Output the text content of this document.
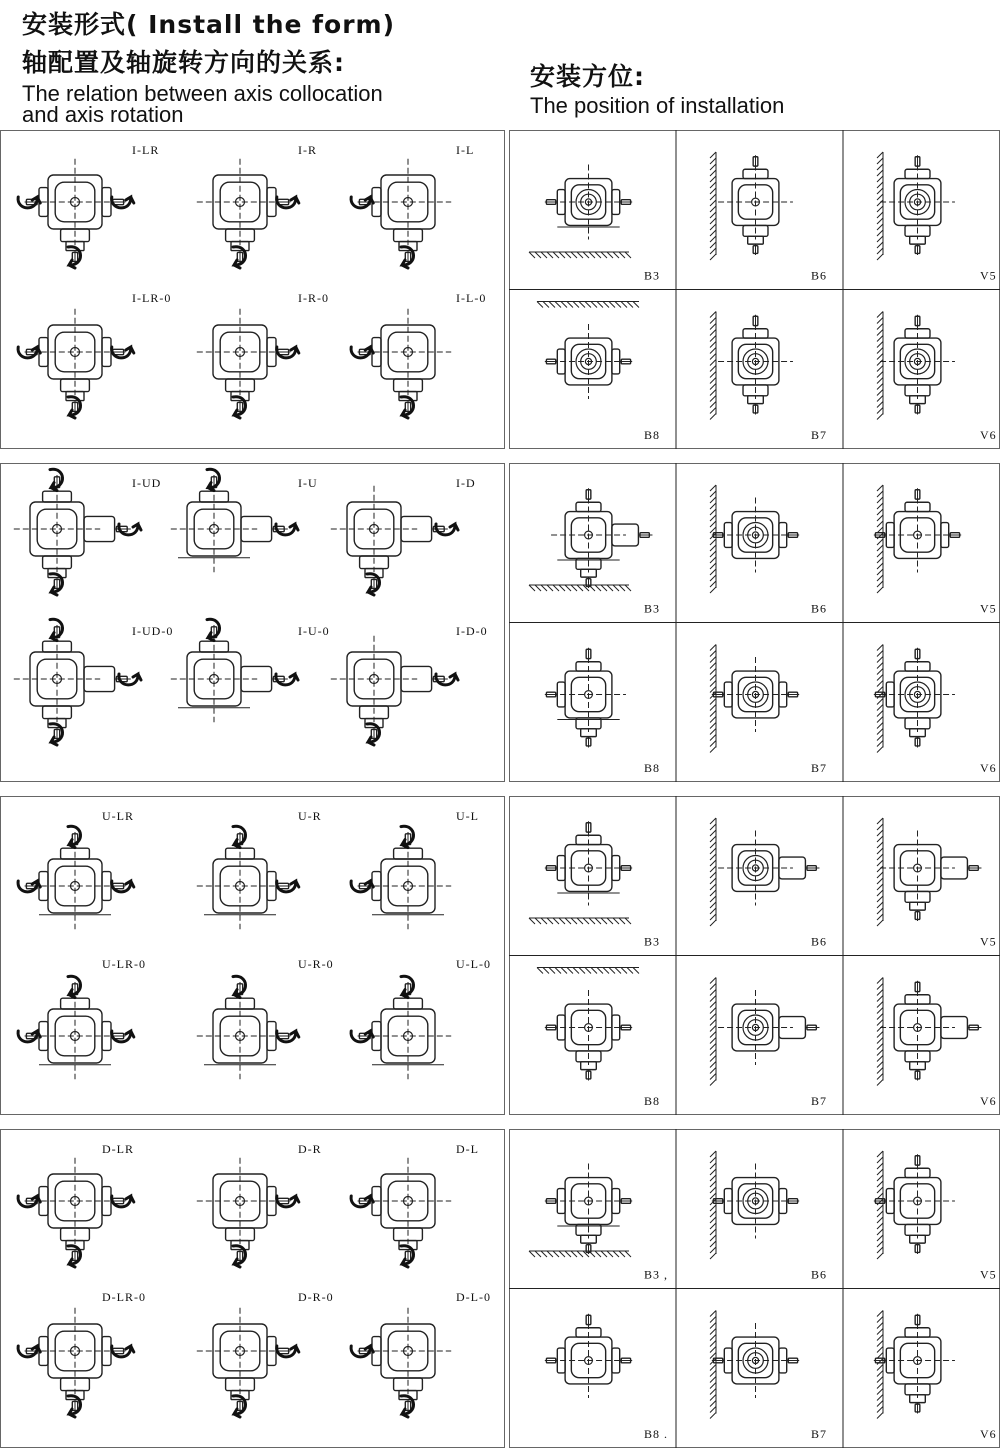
安装形式( Install the form)
轴配置及轴旋转方向的关系:
The relation between axis collocation
and axis rotation
安装方位:
The position of installation
I-LR	I-R	I-L
I-LR-0	I-R-0	I-L-0
I-UD	I-U	I-D
I-UD-0	I-U-0	I-D-0
U-LR	U-R	U-L
U-LR-0	U-R-0	U-L-0
D-LR	D-R	D-L
D-LR-0	D-R-0	D-L-0
B3	B6	V5
B8	B7	V6
B3	B6	V5
B8	B7	V6
B3	B6	V5
B8	B7	V6
B3 ,	B6	V5
B8 .	B7	V6
